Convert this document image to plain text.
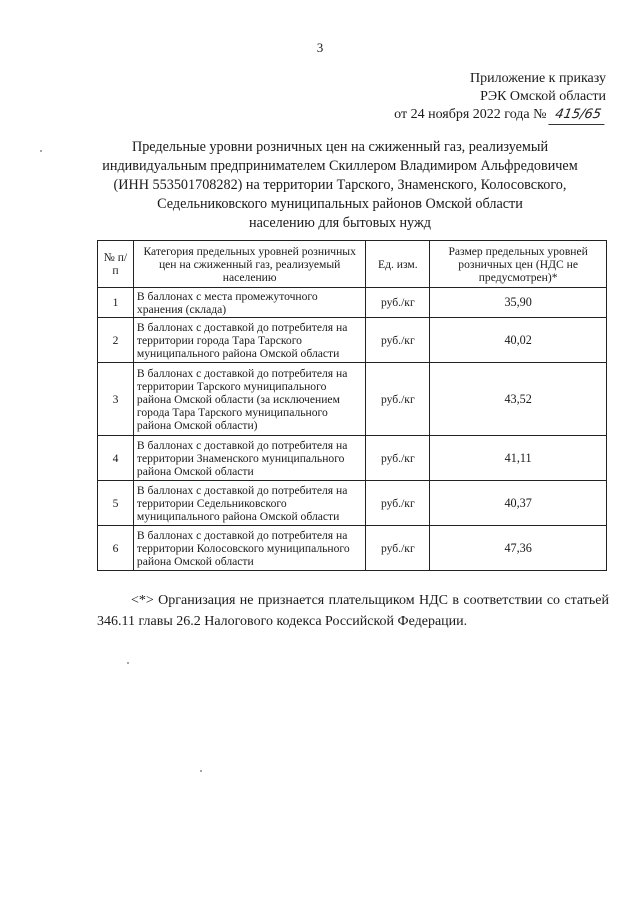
3
Приложение к приказу
РЭК Омской области
от 24 ноября 2022 года № 415/65
Предельные уровни розничных цен на сжиженный газ, реализуемый
индивидуальным предпринимателем Скиллером Владимиром Альфредовичем
(ИНН 553501708282) на территории Тарского, Знаменского, Колосовского,
Седельниковского муниципальных районов Омской области
населению для бытовых нужд
№ п/п	Категория предельных уровней розничных цен на сжиженный газ, реализуемый населению	Ед. изм.	Размер предельных уровней розничных цен (НДС не предусмотрен)*
1	В баллонах с места промежуточного хранения (склада)	руб./кг	35,90
2	В баллонах с доставкой до потребителя на территории города Тара Тарского муниципального района Омской области	руб./кг	40,02
3	В баллонах с доставкой до потребителя на территории Тарского муниципального района Омской области (за исключением города Тара Тарского муниципального района Омской области)	руб./кг	43,52
4	В баллонах с доставкой до потребителя на территории Знаменского муниципального района Омской области	руб./кг	41,11
5	В баллонах с доставкой до потребителя на территории Седельниковского муниципального района Омской области	руб./кг	40,37
6	В баллонах с доставкой до потребителя на территории Колосовского муниципального района Омской области	руб./кг	47,36
<*> Организация не признается плательщиком НДС в соответствии со статьей 346.11 главы 26.2 Налогового кодекса Российской Федерации.
